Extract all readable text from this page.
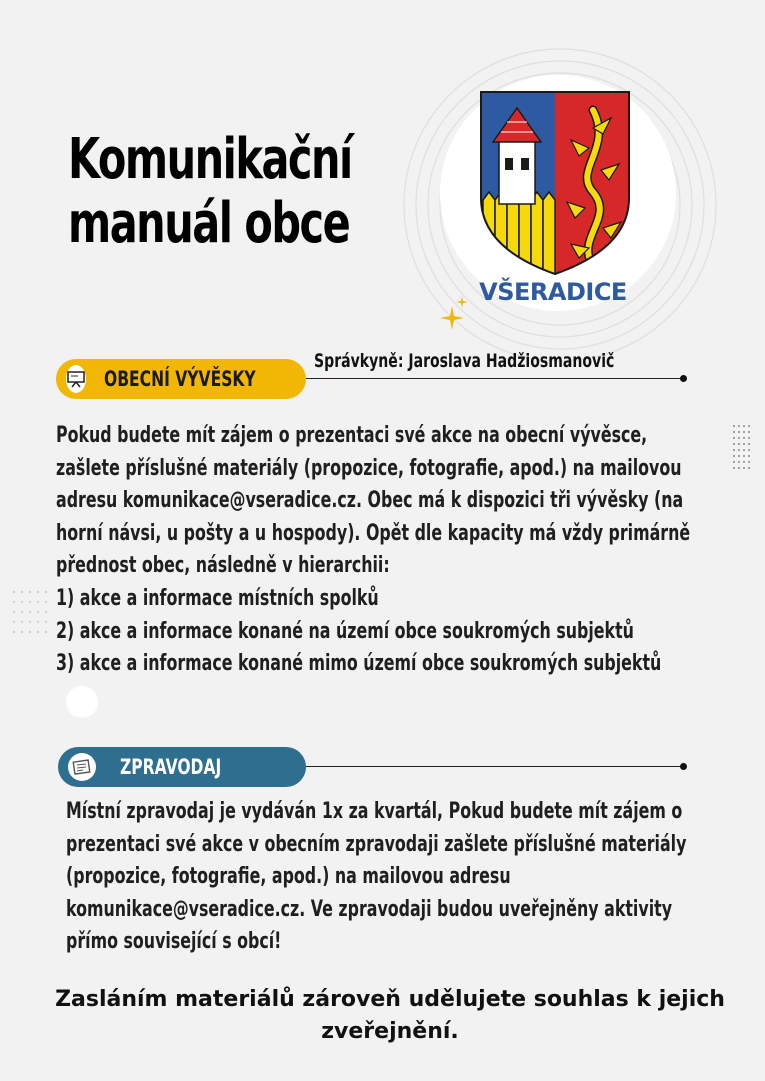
Komunikační
manuál obce
VŠERADICE
OBECNÍ VÝVĚSKY
Správkyně: Jaroslava Hadžiosmanovič

Pokud budete mít zájem o prezentaci své akce na obecní vývěsce,
zašlete příslušné materiály (propozice, fotografie, apod.) na mailovou
adresu komunikace@vseradice.cz. Obec má k dispozici tři vývěsky (na
horní návsi, u pošty a u hospody). Opět dle kapacity má vždy primárně
přednost obec, následně v hierarchii:
1) akce a informace místních spolků
2) akce a informace konané na území obce soukromých subjektů
3) akce a informace konané mimo území obce soukromých subjektů

ZPRAVODAJ

Místní zpravodaj je vydáván 1x za kvartál, Pokud budete mít zájem o
prezentaci své akce v obecním zpravodaji zašlete příslušné materiály
(propozice, fotografie, apod.) na mailovou adresu
komunikace@vseradice.cz. Ve zpravodaji budou uveřejněny aktivity
přímo související s obcí!

Zasláním materiálů zároveň udělujete souhlas k jejich
zveřejnění.
